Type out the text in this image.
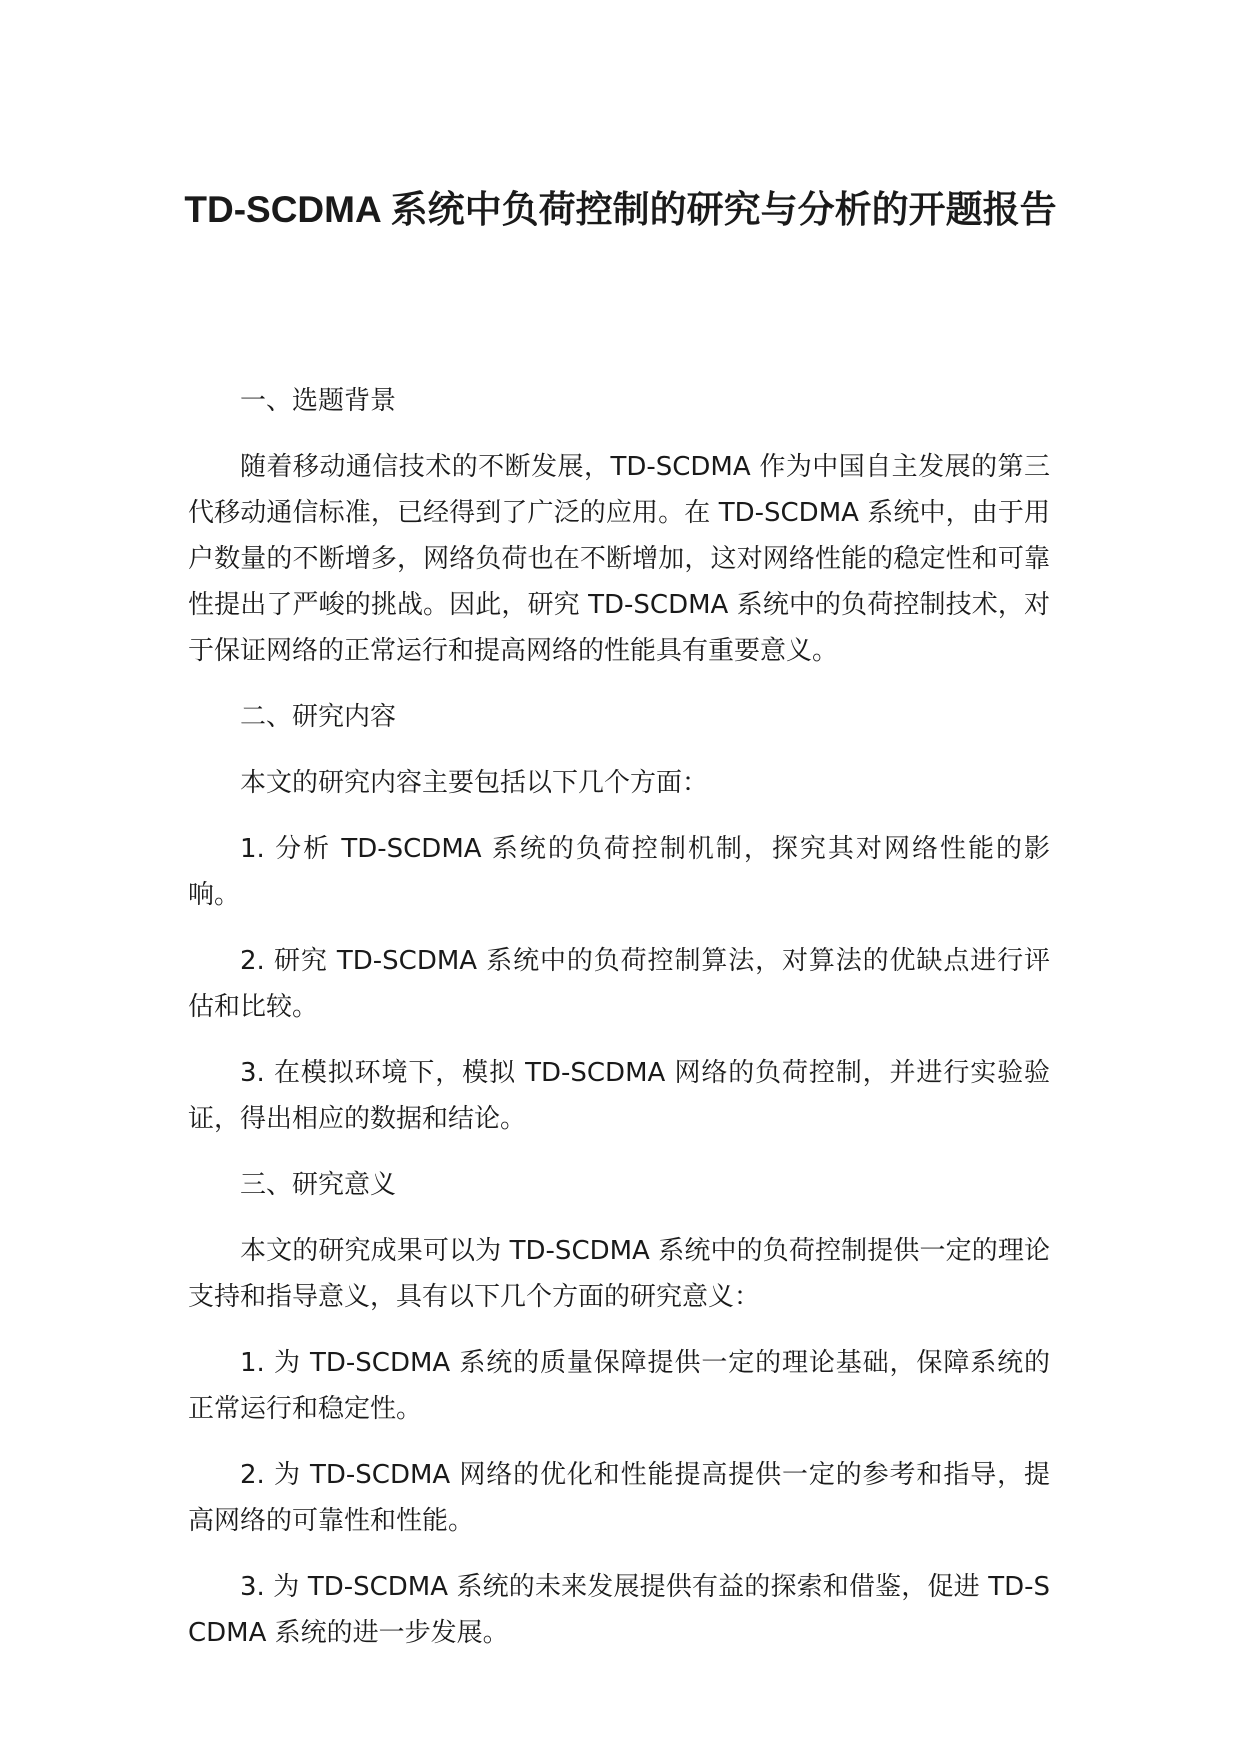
TD-SCDMA 系统中负荷控制的研究与分析的开题报告

一、选题背景

随着移动通信技术的不断发展，TD-SCDMA 作为中国自主发展的第三代移动通信标准，已经得到了广泛的应用。在 TD-SCDMA 系统中，由于用户数量的不断增多，网络负荷也在不断增加，这对网络性能的稳定性和可靠性提出了严峻的挑战。因此，研究 TD-SCDMA 系统中的负荷控制技术，对于保证网络的正常运行和提高网络的性能具有重要意义。

二、研究内容

本文的研究内容主要包括以下几个方面：

1. 分析 TD-SCDMA 系统的负荷控制机制，探究其对网络性能的影响。

2. 研究 TD-SCDMA 系统中的负荷控制算法，对算法的优缺点进行评估和比较。

3. 在模拟环境下，模拟 TD-SCDMA 网络的负荷控制，并进行实验验证，得出相应的数据和结论。

三、研究意义

本文的研究成果可以为 TD-SCDMA 系统中的负荷控制提供一定的理论支持和指导意义，具有以下几个方面的研究意义：

1. 为 TD-SCDMA 系统的质量保障提供一定的理论基础，保障系统的正常运行和稳定性。

2. 为 TD-SCDMA 网络的优化和性能提高提供一定的参考和指导，提高网络的可靠性和性能。

3. 为 TD-SCDMA 系统的未来发展提供有益的探索和借鉴，促进 TD-SCDMA 系统的进一步发展。
